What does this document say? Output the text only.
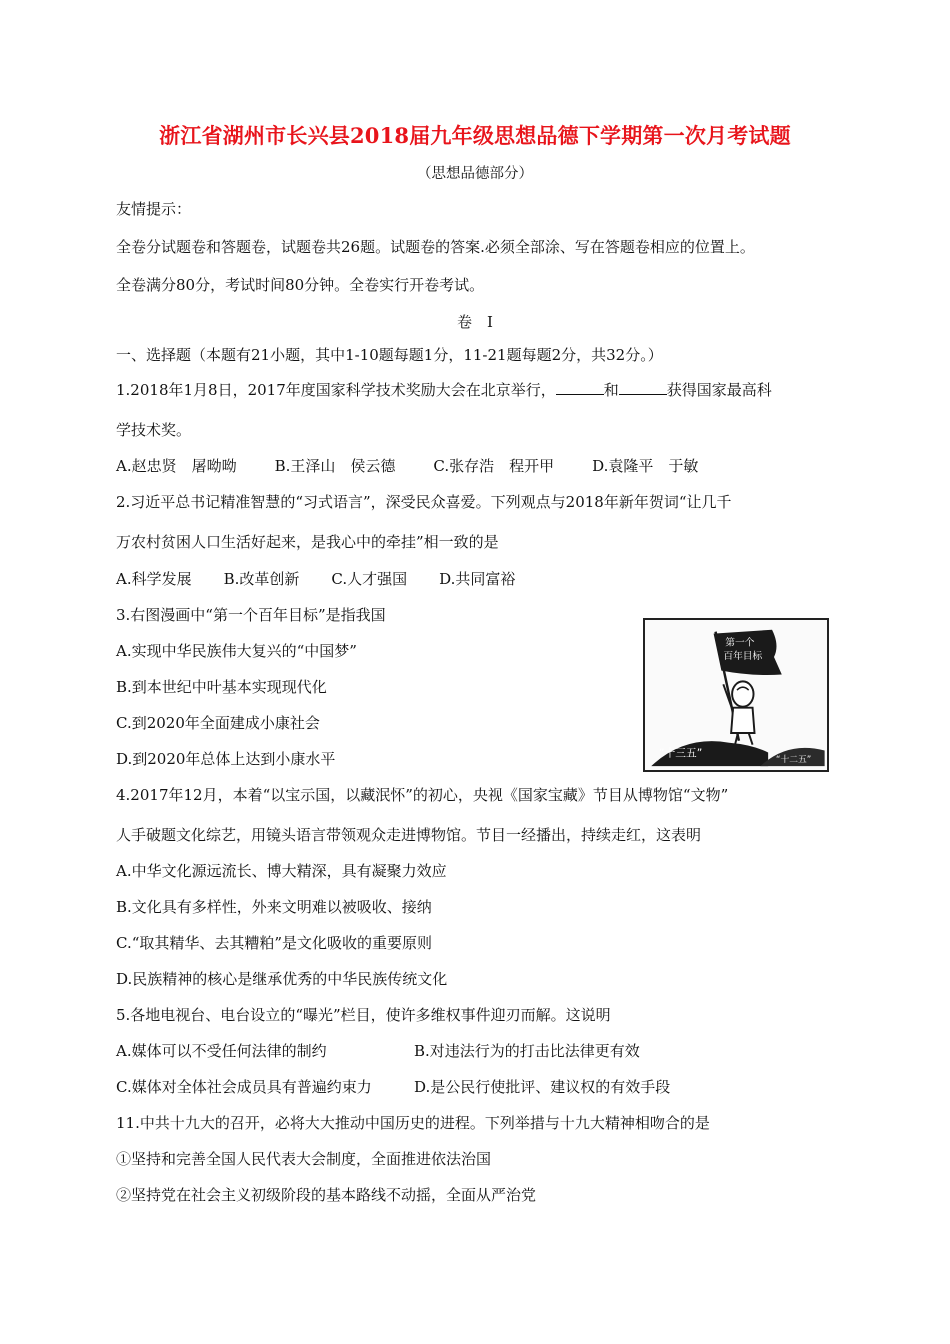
浙江省湖州市长兴县2018届九年级思想品德下学期第一次月考试题
（思想品德部分）
友情提示：
全卷分试题卷和答题卷，试题卷共26题。试题卷的答案.必须全部涂、写在答题卷相应的位置上。
全卷满分80分，考试时间80分钟。全卷实行开卷考试。
卷　I
一、选择题（本题有21小题，其中1-10题每题1分，11-21题每题2分，共32分。）
1.2018年1月8日，2017年度国家科学技术奖励大会在北京举行，	和	获得国家最高科
学技术奖。
A.赵忠贤　屠呦呦	B.王泽山　侯云德	C.张存浩　程开甲	D.袁隆平　于敏
2.习近平总书记精准智慧的“习式语言”，深受民众喜爱。下列观点与2018年新年贺词“让几千
万农村贫困人口生活好起来，是我心中的牵挂”相一致的是
A.科学发展 B.改革创新 C.人才强国 D.共同富裕
3.右图漫画中“第一个百年目标”是指我国
A.实现中华民族伟大复兴的“中国梦”
B.到本世纪中叶基本实现现代化
C.到2020年全面建成小康社会
D.到2020年总体上达到小康水平
第一个
百年目标
“十三五”
“十二五”
4.2017年12月，本着“以宝示国，以藏泯怀”的初心，央视《国家宝藏》节目从博物馆“文物”
人手破题文化综艺，用镜头语言带领观众走进博物馆。节目一经播出，持续走红，这表明
A.中华文化源远流长、博大精深，具有凝聚力效应
B.文化具有多样性，外来文明难以被吸收、接纳
C.“取其精华、去其糟粕”是文化吸收的重要原则
D.民族精神的核心是继承优秀的中华民族传统文化
5.各地电视台、电台设立的“曝光”栏目，使许多维权事件迎刃而解。这说明
A.媒体可以不受任何法律的制约	B.对违法行为的打击比法律更有效
C.媒体对全体社会成员具有普遍约束力	D.是公民行使批评、建议权的有效手段
11.中共十九大的召开，必将大大推动中国历史的进程。下列举措与十九大精神相吻合的是
①坚持和完善全国人民代表大会制度，全面推进依法治国
②坚持党在社会主义初级阶段的基本路线不动摇，全面从严治党
